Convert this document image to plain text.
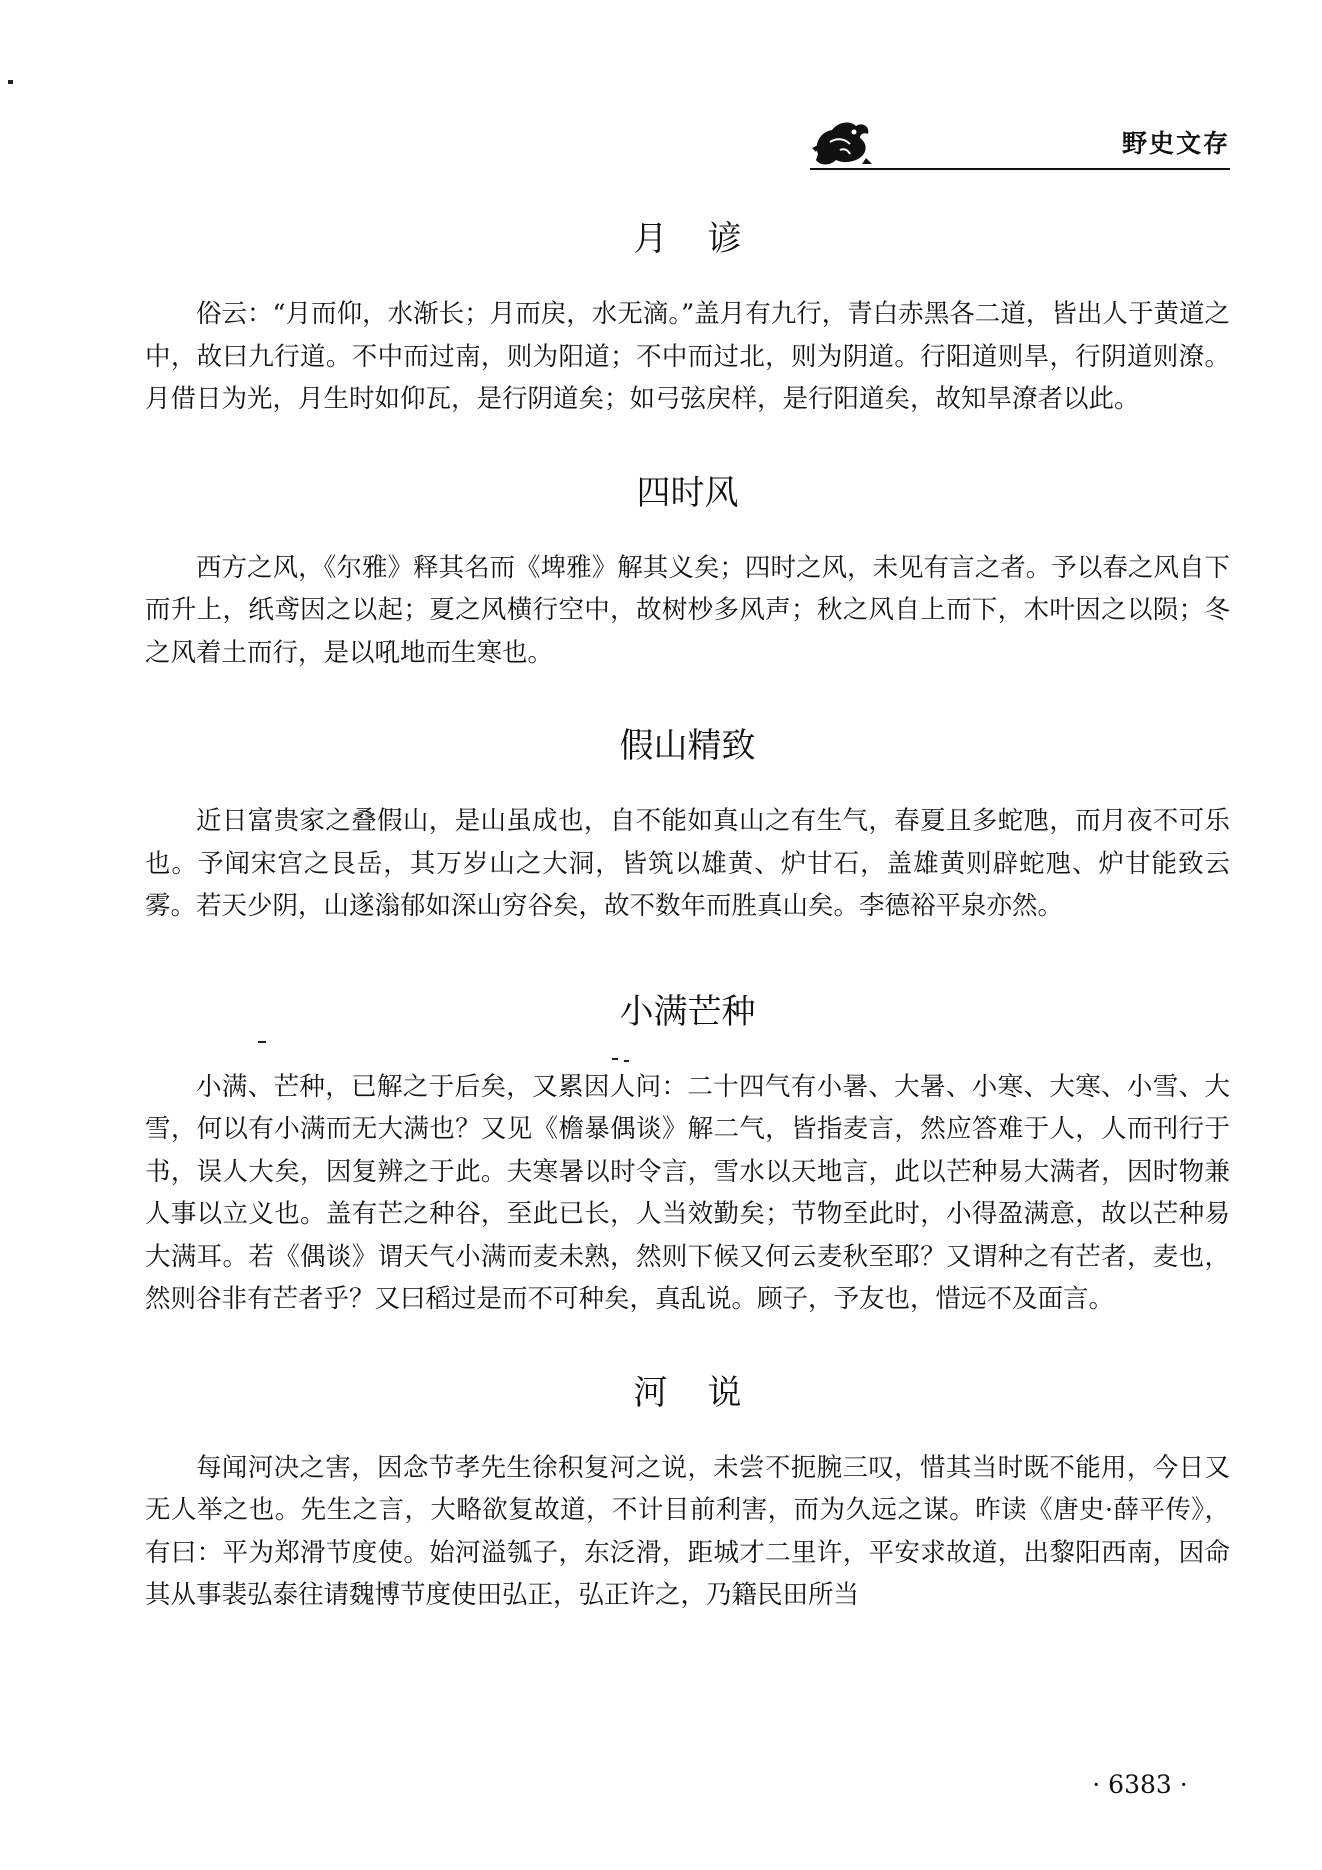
野史文存
月谚

俗云：“月而仰，水渐长；月而戻，水无滴。”盖月有九行，青白赤黑各二道，皆出人于黄道之中，故曰九行道。不中而过南，则为阳道；不中而过北，则为阴道。行阳道则旱，行阴道则潦。月借日为光，月生时如仰瓦，是行阴道矣；如弓弦戻样，是行阳道矣，故知旱潦者以此。

四时风

西方之风，《尔雅》释其名而《埤雅》解其义矣；四时之风，未见有言之者。予以春之风自下而升上，纸鸢因之以起；夏之风横行空中，故树杪多风声；秋之风自上而下，木叶因之以陨；冬之风着土而行，是以吼地而生寒也。

假山精致

近日富贵家之叠假山，是山虽成也，自不能如真山之有生气，春夏且多蛇虺，而月夜不可乐也。予闻宋宫之艮岳，其万岁山之大洞，皆筑以雄黄、炉甘石，盖雄黄则辟蛇虺、炉甘能致云雾。若天少阴，山遂滃郁如深山穷谷矣，故不数年而胜真山矣。李德裕平泉亦然。

小满芒种

小满、芒种，已解之于后矣，又累因人问：二十四气有小暑、大暑、小寒、大寒、小雪、大雪，何以有小满而无大满也？又见《檐暴偶谈》解二气，皆指麦言，然应答难于人，人而刊行于书，误人大矣，因复辨之于此。夫寒暑以时令言，雪水以天地言，此以芒种易大满者，因时物兼人事以立义也。盖有芒之种谷，至此已长，人当效勤矣；节物至此时，小得盈满意，故以芒种易大满耳。若《偶谈》谓天气小满而麦未熟，然则下候又何云麦秋至耶？又谓种之有芒者，麦也，然则谷非有芒者乎？又曰稻过是而不可种矣，真乱说。顾子，予友也，惜远不及面言。

河说

每闻河决之害，因念节孝先生徐积复河之说，未尝不扼腕三叹，惜其当时既不能用，今日又无人举之也。先生之言，大略欲复故道，不计目前利害，而为久远之谋。昨读《唐史·薛平传》，有曰：平为郑滑节度使。始河溢瓠子，东泛滑，距城才二里许，平安求故道，出黎阳西南，因命其从事裴弘泰往请魏博节度使田弘正，弘正许之，乃籍民田所当

· 6383 ·
